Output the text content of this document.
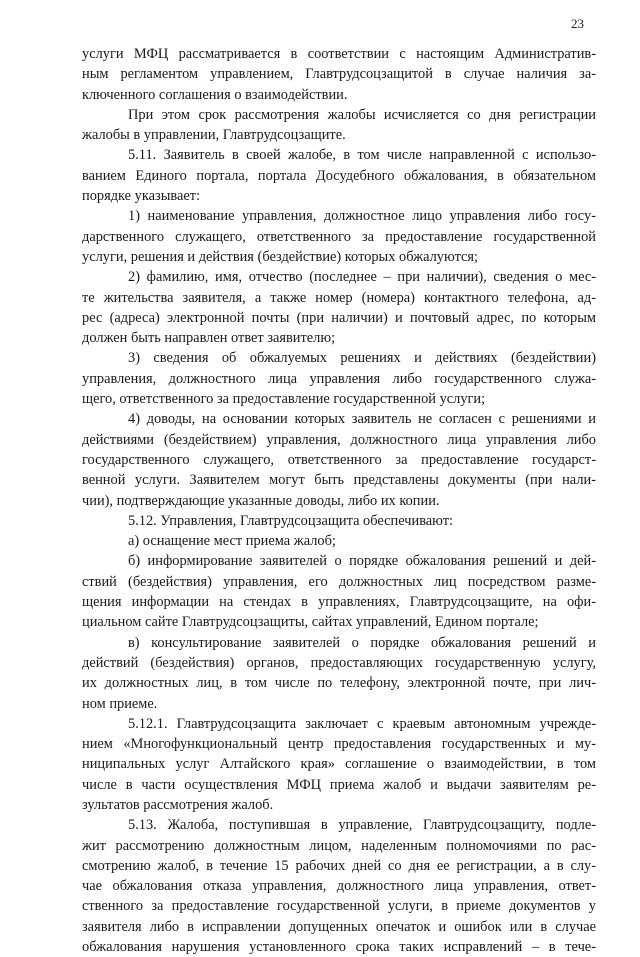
23
услуги МФЦ рассматривается в соответствии с настоящим Административ-
ным регламентом управлением, Главтрудсоцзащитой в случае наличия за-
ключенного соглашения о взаимодействии.
При этом срок рассмотрения жалобы исчисляется со дня регистрации
жалобы в управлении, Главтрудсоцзащите.
5.11. Заявитель в своей жалобе, в том числе направленной с использо-
ванием Единого портала, портала Досудебного обжалования, в обязательном
порядке указывает:
1) наименование управления, должностное лицо управления либо госу-
дарственного служащего, ответственного за предоставление государственной
услуги, решения и действия (бездействие) которых обжалуются;
2) фамилию, имя, отчество (последнее – при наличии), сведения о мес-
те жительства заявителя, а также номер (номера) контактного телефона, ад-
рес (адреса) электронной почты (при наличии) и почтовый адрес, по которым
должен быть направлен ответ заявителю;
3) сведения об обжалуемых решениях и действиях (бездействии)
управления, должностного лица управления либо государственного служа-
щего, ответственного за предоставление государственной услуги;
4) доводы, на основании которых заявитель не согласен с решениями и
действиями (бездействием) управления, должностного лица управления либо
государственного служащего, ответственного за предоставление государст-
венной услуги. Заявителем могут быть представлены документы (при нали-
чии), подтверждающие указанные доводы, либо их копии.
5.12. Управления, Главтрудсоцзащита обеспечивают:
а) оснащение мест приема жалоб;
б) информирование заявителей о порядке обжалования решений и дей-
ствий (бездействия) управления, его должностных лиц посредством разме-
щения информации на стендах в управлениях, Главтрудсоцзащите, на офи-
циальном сайте Главтрудсоцзащиты, сайтах управлений, Едином портале;
в) консультирование заявителей о порядке обжалования решений и
действий (бездействия) органов, предоставляющих государственную услугу,
их должностных лиц, в том числе по телефону, электронной почте, при лич-
ном приеме.
5.12.1. Главтрудсоцзащита заключает с краевым автономным учрежде-
нием «Многофункциональный центр предоставления государственных и му-
ниципальных услуг Алтайского края» соглашение о взаимодействии, в том
числе в части осуществления МФЦ приема жалоб и выдачи заявителям ре-
зультатов рассмотрения жалоб.
5.13. Жалоба, поступившая в управление, Главтрудсоцзащиту, подле-
жит рассмотрению должностным лицом, наделенным полномочиями по рас-
смотрению жалоб, в течение 15 рабочих дней со дня ее регистрации, а в слу-
чае обжалования отказа управления, должностного лица управления, ответ-
ственного за предоставление государственной услуги, в приеме документов у
заявителя либо в исправлении допущенных опечаток и ошибок или в случае
обжалования нарушения установленного срока таких исправлений – в тече-
